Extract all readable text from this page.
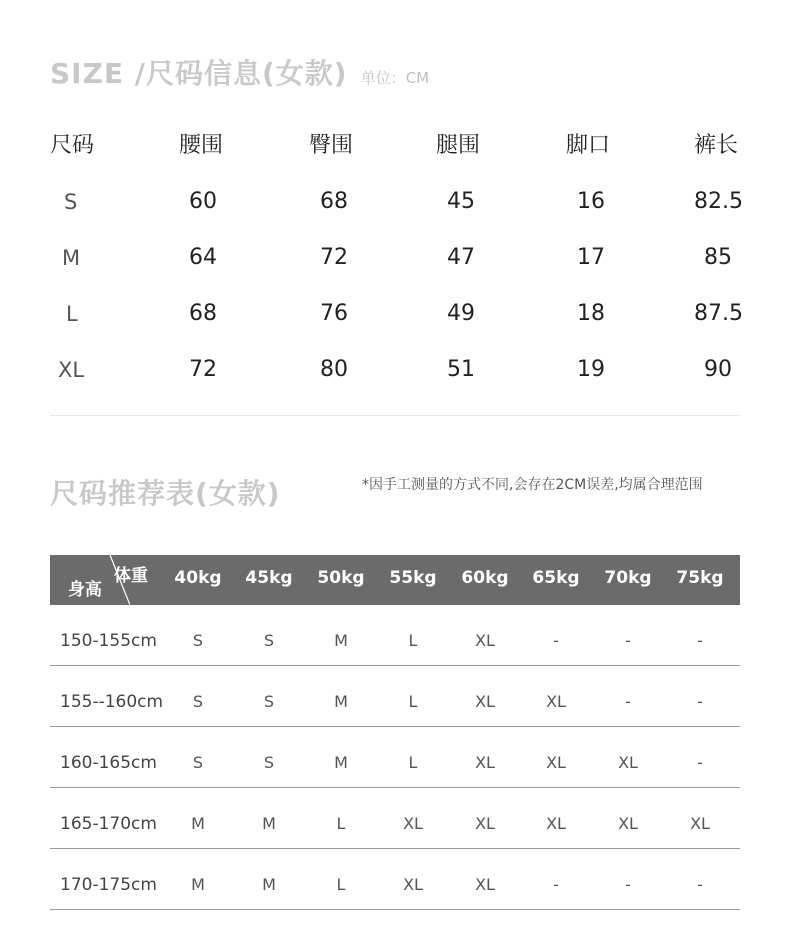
SIZE /尺码信息(女款) 单位：CM
尺码	腰围	臀围	腿围	脚口	裤长
S	60	68	45	16	82.5
M	64	72	47	17	85
L	68	76	49	18	87.5
XL	72	80	51	19	90
尺码推荐表(女款)	*因手工测量的方式不同,会存在2CM误差,均属合理范围
体重
身高
40kg	45kg	50kg	55kg	60kg	65kg	70kg	75kg
150-155cm	S	S	M	L	XL	-	-	-
155--160cm	S	S	M	L	XL	XL	-	-
160-165cm	S	S	M	L	XL	XL	XL	-
165-170cm	M	M	L	XL	XL	XL	XL	XL
170-175cm	M	M	L	XL	XL	-	-	-
